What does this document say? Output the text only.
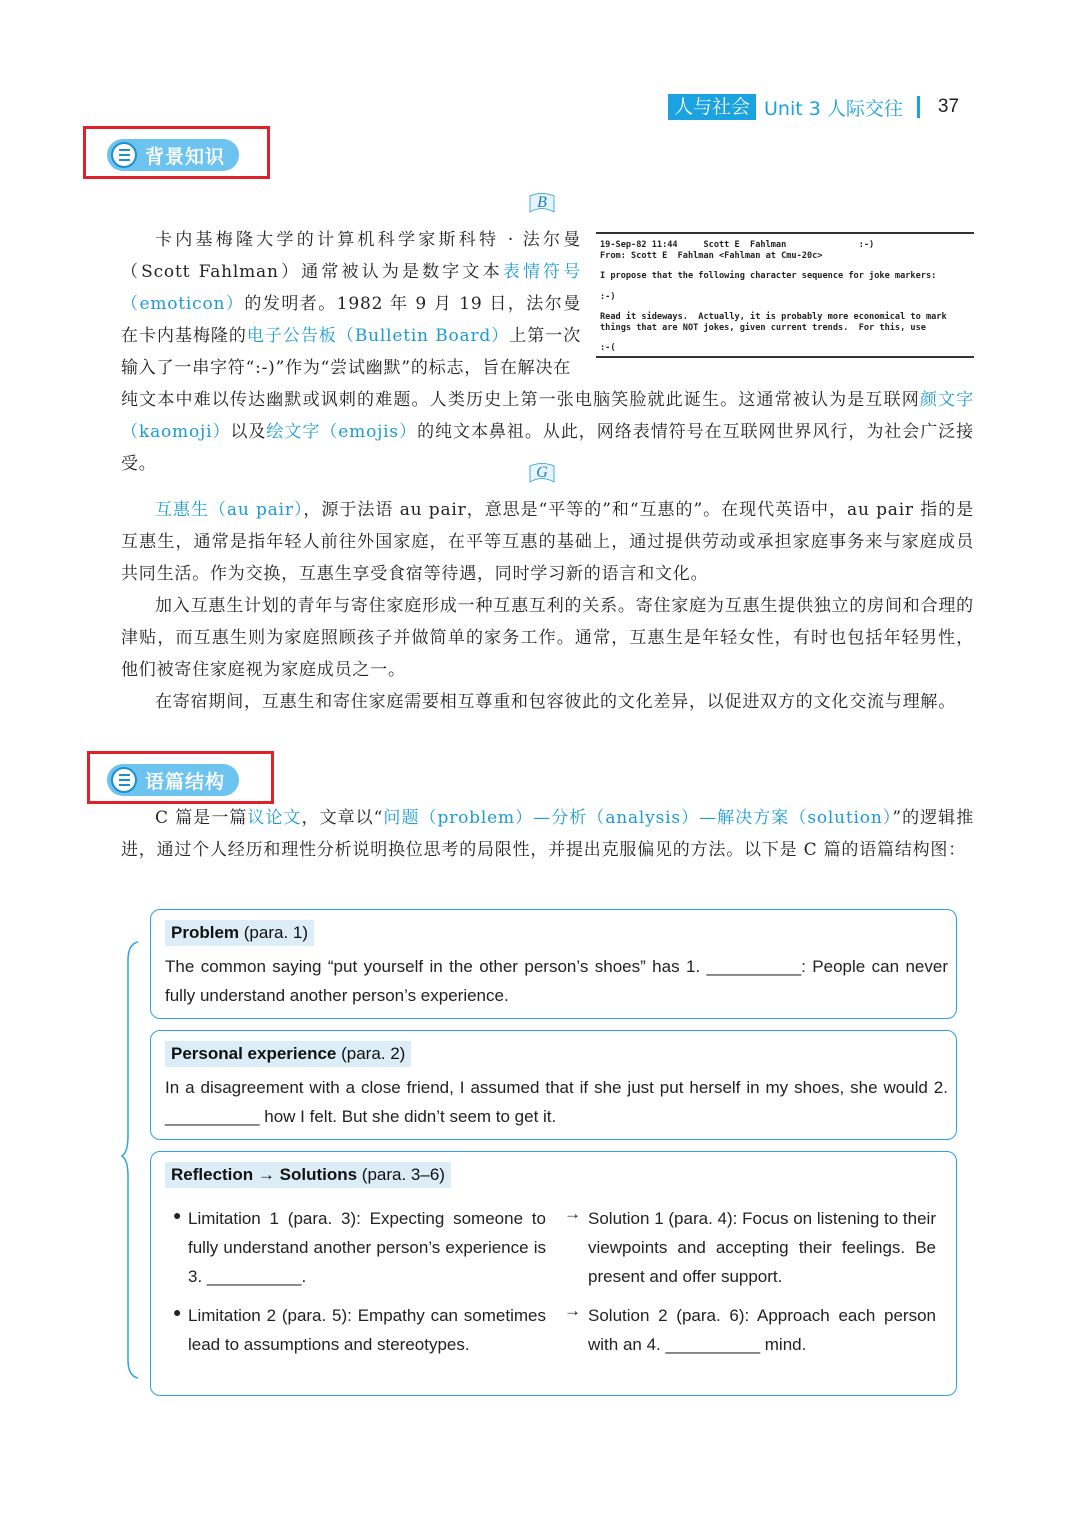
人与社会 Unit 3 人际交往 37
背景知识
B
卡内基梅隆大学的计算机科学家斯科特 · 法尔曼（Scott Fahlman）通常被认为是数字文本表情符号（emoticon）的发明者。1982 年 9 月 19 日，法尔曼在卡内基梅隆的电子公告板（Bulletin Board）上第一次输入了一串字符“:-)”作为“尝试幽默”的标志，旨在解决在
19-Sep-82 11:44     Scott E  Fahlman              :-)
From: Scott E  Fahlman <Fahlman at Cmu-20c>
I propose that the following character sequence for joke markers:
:-)
Read it sideways.  Actually, it is probably more economical to mark
things that are NOT jokes, given current trends.  For this, use
:-(
纯文本中难以传达幽默或讽刺的难题。人类历史上第一张电脑笑脸就此诞生。这通常被认为是互联网颜文字（kaomoji）以及绘文字（emojis）的纯文本鼻祖。从此，网络表情符号在互联网世界风行，为社会广泛接受。	G
互惠生（au pair），源于法语 au pair，意思是“平等的”和“互惠的”。在现代英语中，au pair 指的是互惠生，通常是指年轻人前往外国家庭，在平等互惠的基础上，通过提供劳动或承担家庭事务来与家庭成员共同生活。作为交换，互惠生享受食宿等待遇，同时学习新的语言和文化。
加入互惠生计划的青年与寄住家庭形成一种互惠互利的关系。寄住家庭为互惠生提供独立的房间和合理的津贴，而互惠生则为家庭照顾孩子并做简单的家务工作。通常，互惠生是年轻女性，有时也包括年轻男性，他们被寄住家庭视为家庭成员之一。
在寄宿期间，互惠生和寄住家庭需要相互尊重和包容彼此的文化差异，以促进双方的文化交流与理解。
语篇结构
C 篇是一篇议论文，文章以“问题（problem）—分析（analysis）—解决方案（solution）”的逻辑推进，通过个人经历和理性分析说明换位思考的局限性，并提出克服偏见的方法。以下是 C 篇的语篇结构图：
Problem (para. 1)
The common saying “put yourself in the other person’s shoes” has 1. __________: People can never fully understand another person’s experience.
Personal experience (para. 2)
In a disagreement with a close friend, I assumed that if she just put herself in my shoes, she would 2. __________ how I felt. But she didn’t seem to get it.
Reflection → Solutions (para. 3–6)
● Limitation 1 (para. 3): Expecting someone to fully understand another person’s experience is 3. __________.
→ Solution 1 (para. 4): Focus on listening to their viewpoints and accepting their feelings. Be present and offer support.
● Limitation 2 (para. 5): Empathy can sometimes lead to assumptions and stereotypes.
→ Solution 2 (para. 6): Approach each person with an 4. __________ mind.
